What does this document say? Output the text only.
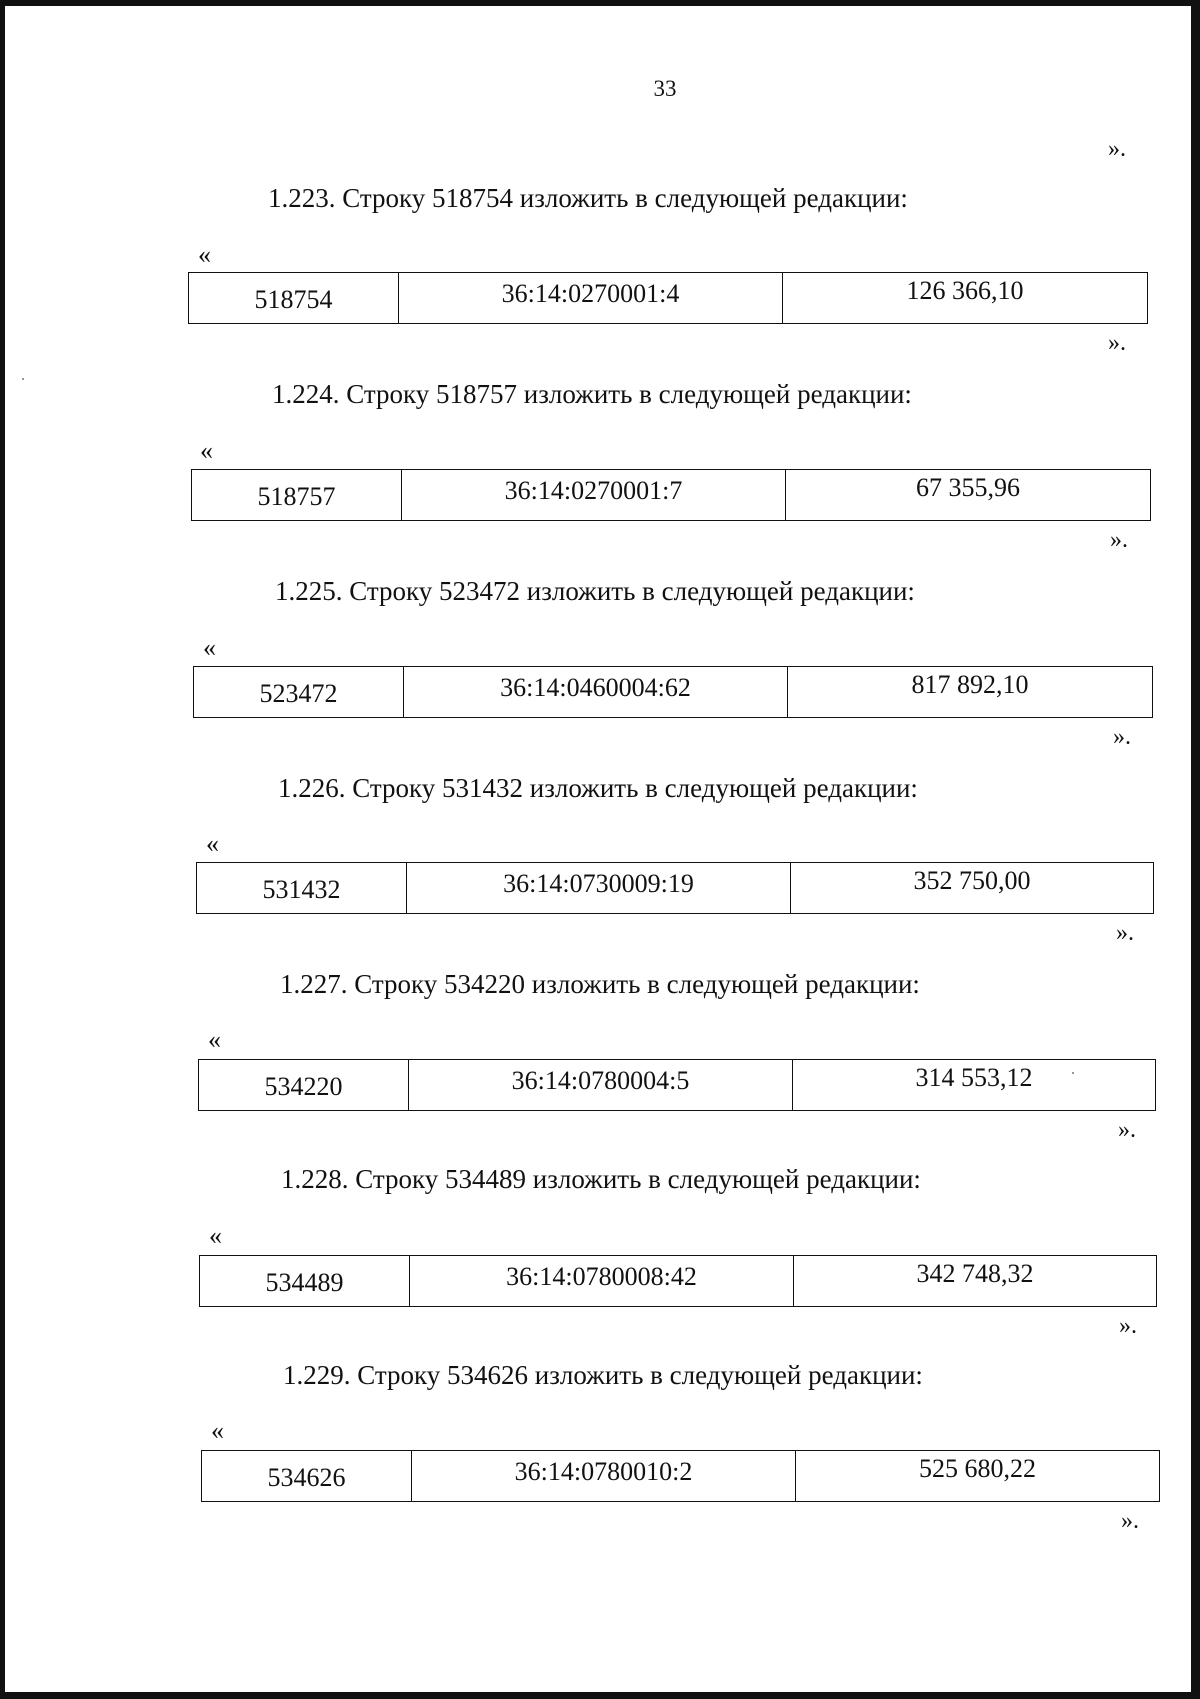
33
».
1.223. Строку 518754 изложить в следующей редакции:
«
518754	36:14:0270001:4	126 366,10
».
1.224. Строку 518757 изложить в следующей редакции:
«
518757	36:14:0270001:7	67 355,96
».
1.225. Строку 523472 изложить в следующей редакции:
«
523472	36:14:0460004:62	817 892,10
».
1.226. Строку 531432 изложить в следующей редакции:
«
531432	36:14:0730009:19	352 750,00
».
1.227. Строку 534220 изложить в следующей редакции:
«
534220	36:14:0780004:5	314 553,12
».
1.228. Строку 534489 изложить в следующей редакции:
«
534489	36:14:0780008:42	342 748,32
».
1.229. Строку 534626 изложить в следующей редакции:
«
534626	36:14:0780010:2	525 680,22
».
